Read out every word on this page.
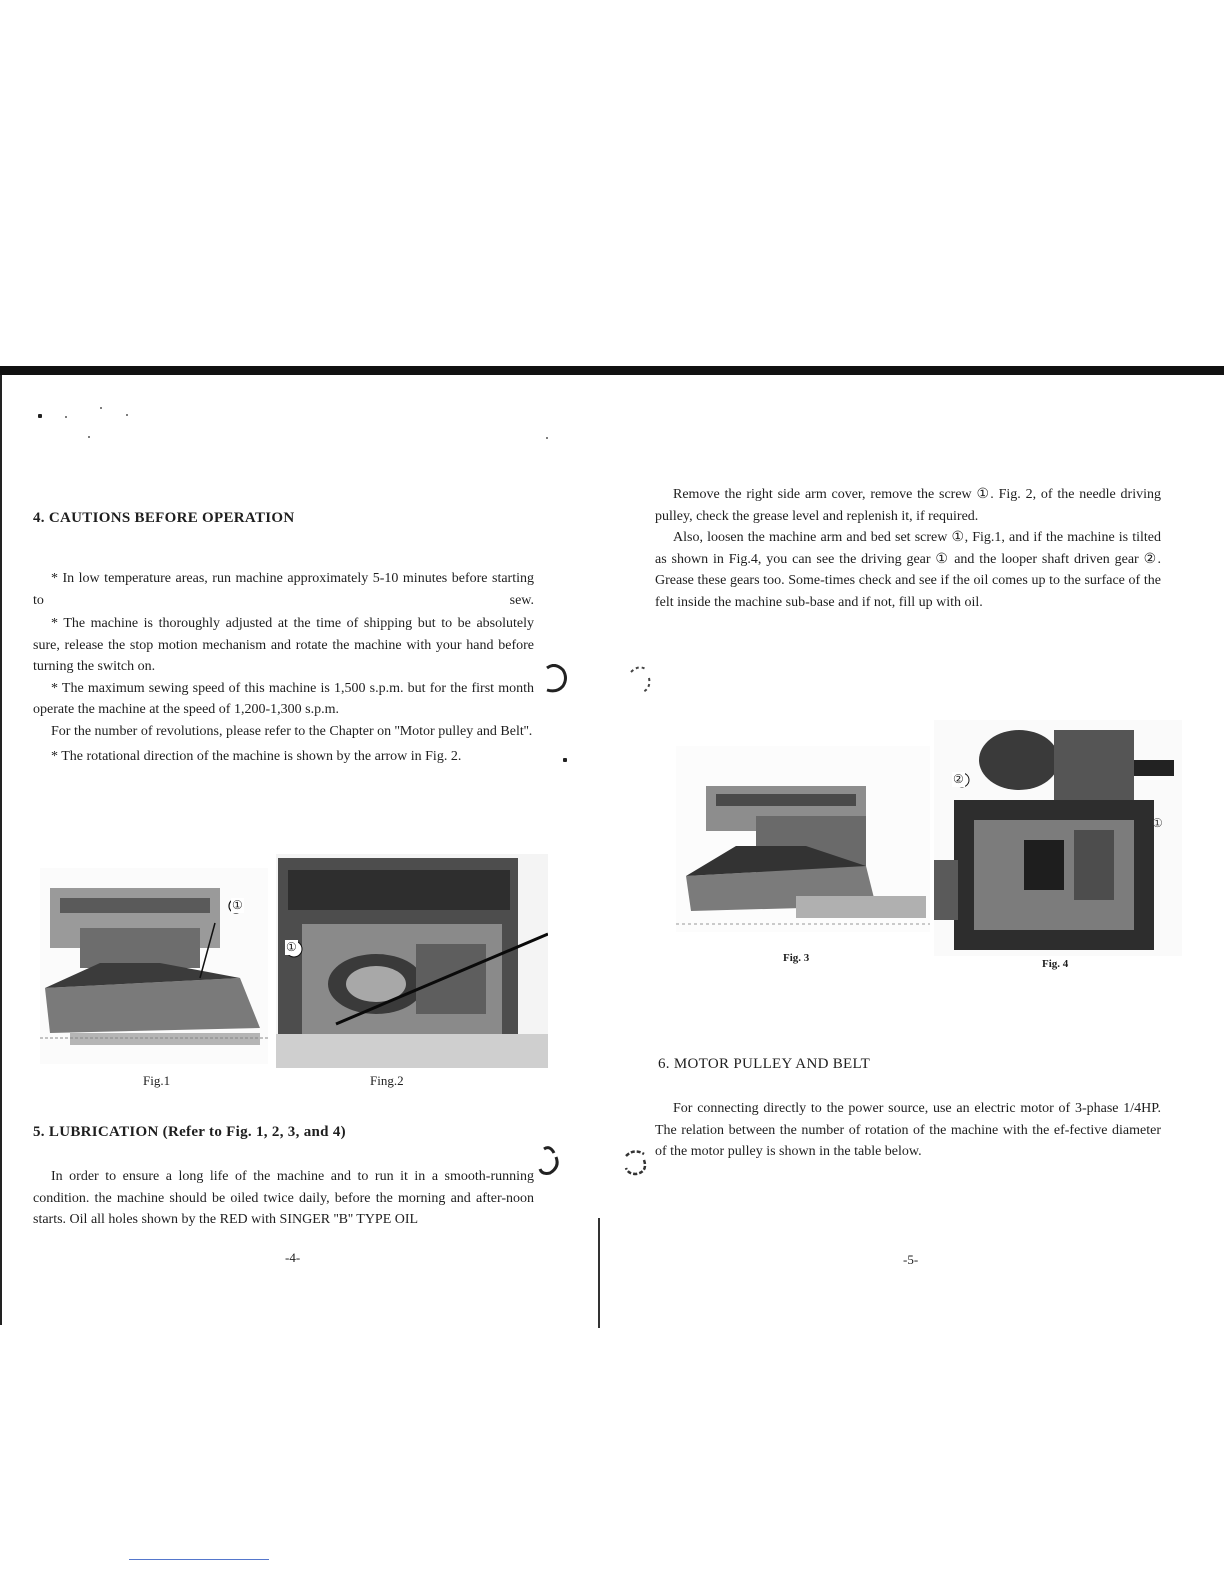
4. CAUTIONS BEFORE OPERATION

* In low temperature areas, run machine approximately 5-10 minutes before starting to sew.

* The machine is thoroughly adjusted at the time of shipping but to be absolutely sure, release the stop motion mechanism and rotate the machine with your hand before turning the switch on.

* The maximum sewing speed of this machine is 1,500 s.p.m. but for the first month operate the machine at the speed of 1,200-1,300 s.p.m.

For the number of revolutions, please refer to the Chapter on ''Motor pulley and Belt''.

* The rotational direction of the machine is shown by the arrow in Fig. 2.

①
Fig.1
①
Fing.2
5. LUBRICATION (Refer to Fig. 1, 2, 3, and 4)

In order to ensure a long life of the machine and to run it in a smooth-running condition. the machine should be oiled twice daily, before the morning and after-noon starts. Oil all holes shown by the RED with SINGER ''B'' TYPE OIL

-4-

Remove the right side arm cover, remove the screw ①. Fig. 2, of the needle driving pulley, check the grease level and replenish it, if required.

Also, loosen the machine arm and bed set screw ①, Fig.1, and if the machine is tilted as shown in Fig.4, you can see the driving gear ① and the looper shaft driven gear ②. Grease these gears too. Some-times check and see if the oil comes up to the surface of the felt inside the machine sub-base and if not, fill up with oil.

Fig. 3
②
①
Fig. 4
6. MOTOR PULLEY AND BELT

For connecting directly to the power source, use an electric motor of 3-phase 1/4HP. The relation between the number of rotation of the machine with the ef-fective diameter of the motor pulley is shown in the table below.

-5-
